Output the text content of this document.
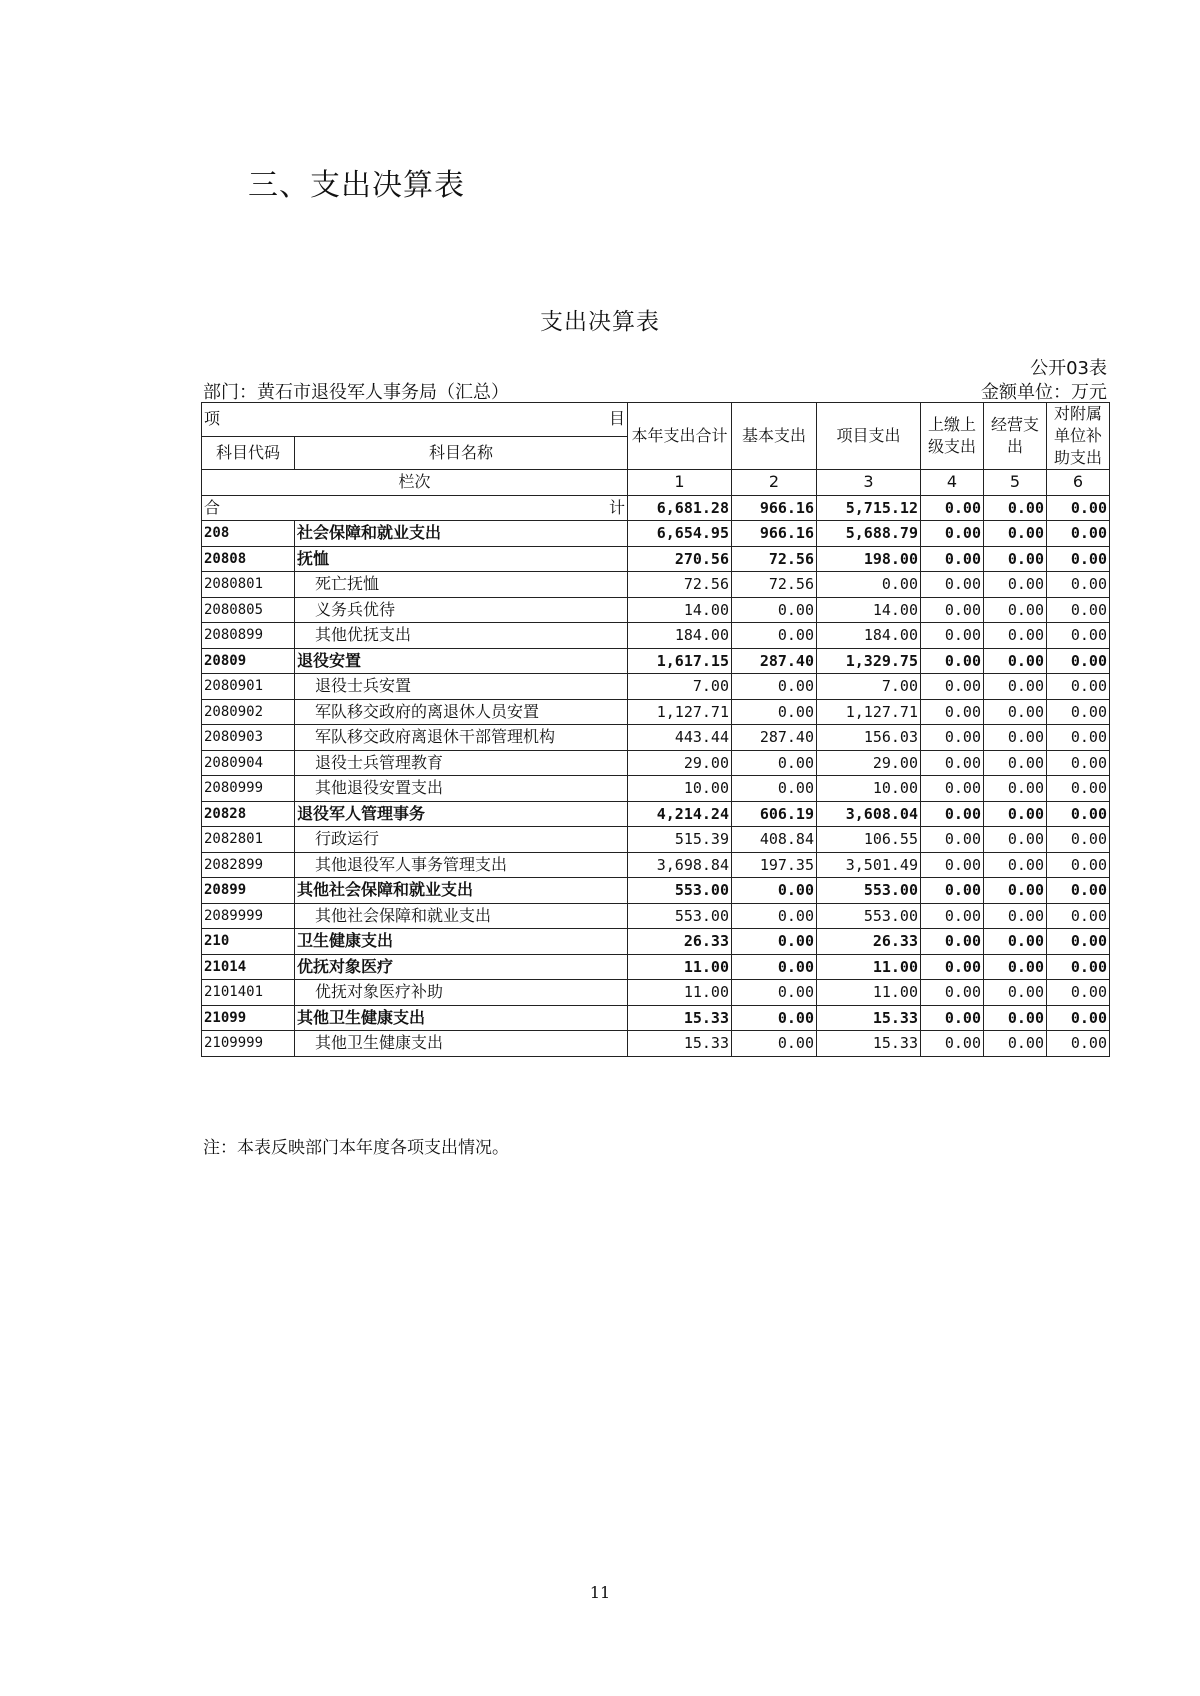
三、支出决算表
支出决算表
公开03表
部门：黄石市退役军人事务局（汇总）	金额单位：万元
项 目		本年支出合计	基本支出	项目支出	上缴上级支出	经营支出	对附属单位补助支出
科目代码	科目名称						
栏次		1	2	3	4	5	6

合 计		6,681.28	966.16	5,715.12	0.00	0.00	0.00
208	社会保障和就业支出	6,654.95	966.16	5,688.79	0.00	0.00	0.00
20808	抚恤	270.56	72.56	198.00	0.00	0.00	0.00
2080801	死亡抚恤	72.56	72.56	0.00	0.00	0.00	0.00
2080805	义务兵优待	14.00	0.00	14.00	0.00	0.00	0.00
2080899	其他优抚支出	184.00	0.00	184.00	0.00	0.00	0.00
20809	退役安置	1,617.15	287.40	1,329.75	0.00	0.00	0.00
2080901	退役士兵安置	7.00	0.00	7.00	0.00	0.00	0.00
2080902	军队移交政府的离退休人员安置	1,127.71	0.00	1,127.71	0.00	0.00	0.00
2080903	军队移交政府离退休干部管理机构	443.44	287.40	156.03	0.00	0.00	0.00
2080904	退役士兵管理教育	29.00	0.00	29.00	0.00	0.00	0.00
2080999	其他退役安置支出	10.00	0.00	10.00	0.00	0.00	0.00
20828	退役军人管理事务	4,214.24	606.19	3,608.04	0.00	0.00	0.00
2082801	行政运行	515.39	408.84	106.55	0.00	0.00	0.00
2082899	其他退役军人事务管理支出	3,698.84	197.35	3,501.49	0.00	0.00	0.00
20899	其他社会保障和就业支出	553.00	0.00	553.00	0.00	0.00	0.00
2089999	其他社会保障和就业支出	553.00	0.00	553.00	0.00	0.00	0.00
210	卫生健康支出	26.33	0.00	26.33	0.00	0.00	0.00
21014	优抚对象医疗	11.00	0.00	11.00	0.00	0.00	0.00
2101401	优抚对象医疗补助	11.00	0.00	11.00	0.00	0.00	0.00
21099	其他卫生健康支出	15.33	0.00	15.33	0.00	0.00	0.00
2109999	其他卫生健康支出	15.33	0.00	15.33	0.00	0.00	0.00
注：本表反映部门本年度各项支出情况。
11
